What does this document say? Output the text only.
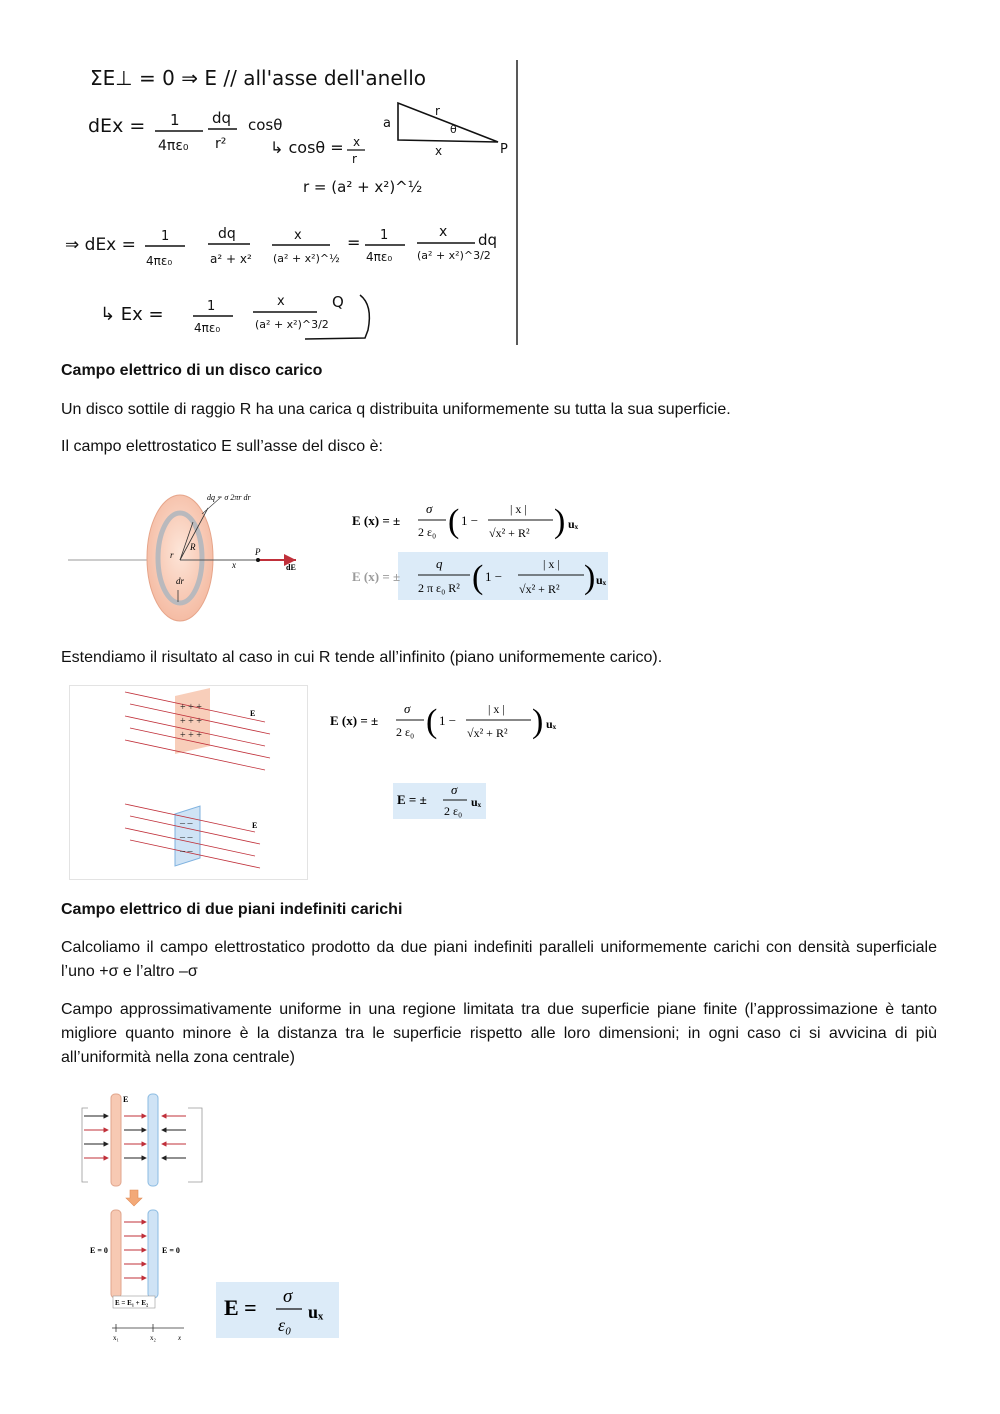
ΣE⊥ = 0 ⇒ E // all'asse dell'anello
dEx = 1
4πε₀
dq
r²
cosθ
↳ cosθ = x
r
r = (a² + x²)^½
a
r
θ
x	P
⇒ dEx = 1
4πε₀
dq
a² + x²
x
(a² + x²)^½
= 1
4πε₀
x
(a² + x²)^3/2
dq
↳ Ex =	1
4πε₀
x
(a² + x²)^3/2
Q
Campo elettrico di un disco carico
Un disco sottile di raggio R ha una carica q distribuita uniformemente su tutta la sua superficie.
Il campo elettrostatico E sull’asse del disco è:
dq = σ 2πr dr
r
R
dr
x
P
dE
E (x) = ±
σ
2 ε₀ ( 1 −
| x |
√x² + R² ) uₓ
E (x) = ±
q
2 π ε₀ R² ( 1 −
| x |
√x² + R² ) uₓ
Estendiamo il risultato al caso in cui R tende all’infinito (piano uniformemente carico).
+ + +
+ + +
+ + +
E
– –
– –
– –
E
E (x) = ±
σ
2 ε₀ ( 1 −
| x |
√x² + R² ) uₓ
E = ±
σ
2 ε₀
uₓ
Campo elettrico di due piani indefiniti carichi
Calcoliamo il campo elettrostatico prodotto da due piani indefiniti paralleli uniformemente carichi con densità superficiale l’uno +σ e l’altro –σ
Campo approssimativamente uniforme in una regione limitata tra due superficie piane finite (l’approssimazione è tanto migliore quanto minore è la distanza tra le superficie rispetto alle loro dimensioni; in ogni caso ci si avvicina di più all’uniformità nella zona centrale)
E
E = 0	E = 0
E = E₁ + E₂
x₁	x₂	x
E = σ
ε₀
uₓ
